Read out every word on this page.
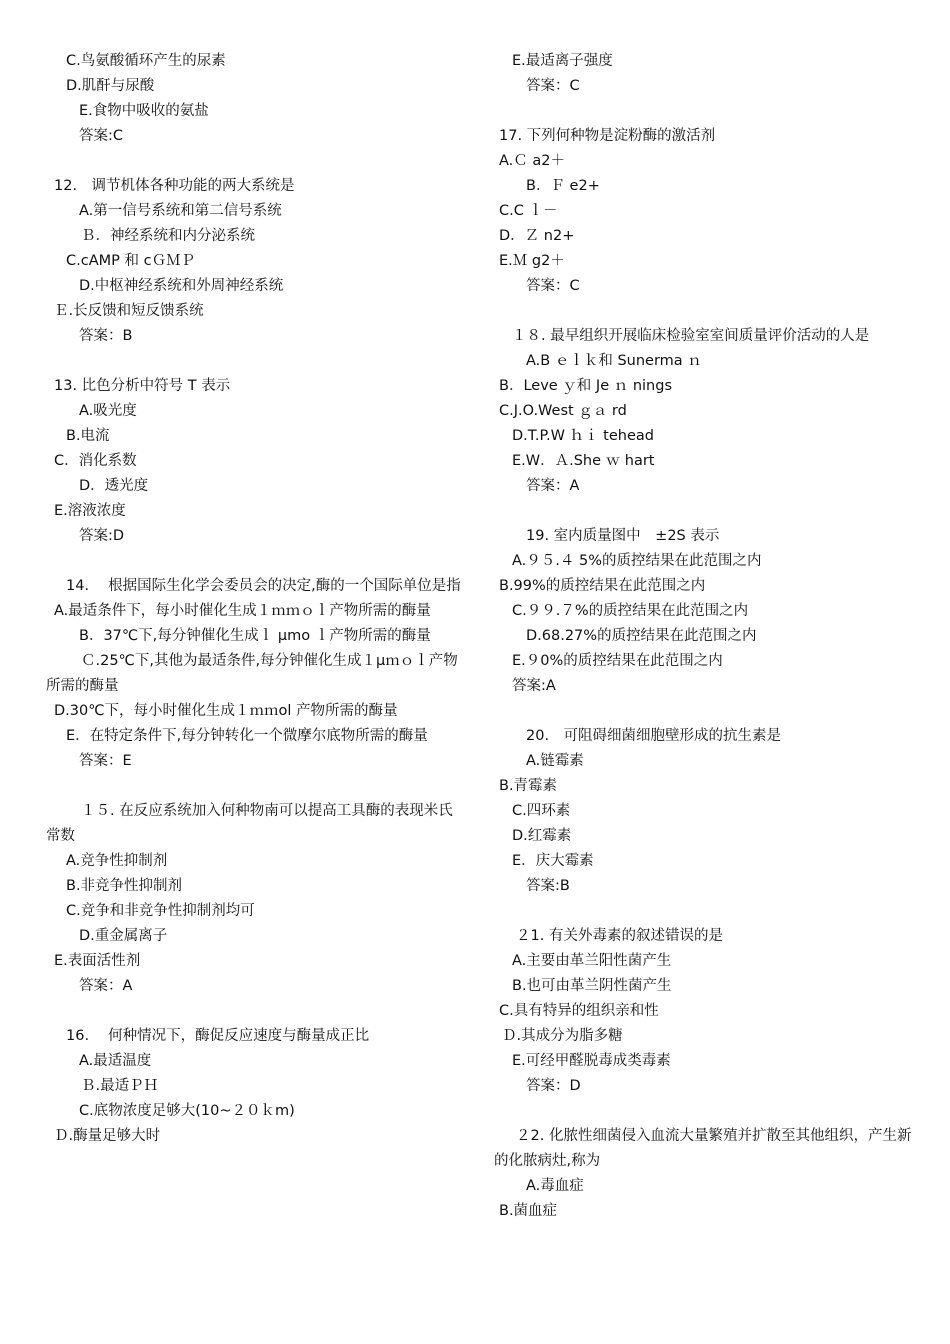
C.鸟氨酸循环产生的尿素
D.肌酐与尿酸
E.食物中吸收的氨盐
答案:C
12.　调节机体各种功能的两大系统是
A.第一信号系统和第二信号系统
Ｂ．神经系统和内分泌系统
C.cAMP 和 cＧＭＰ
D.中枢神经系统和外周神经系统
Ｅ.长反馈和短反馈系统
答案：B
13. 比色分析中符号 T 表示
A.吸光度
B.电流
C．消化系数
D．透光度
E.溶液浓度
答案:D
14.　 根据国际生化学会委员会的决定,酶的一个国际单位是指
A.最适条件下，每小时催化生成１ｍｍｏｌ产物所需的酶量
B．37℃下,每分钟催化生成ｌ μmo ｌ产物所需的酶量
Ｃ.25℃下,其他为最适条件,每分钟催化生成１μｍｏｌ产物所需的酶量
D.30℃下，每小时催化生成１ｍｍol 产物所需的酶量
E．在特定条件下,每分钟转化一个微摩尔底物所需的酶量
答案：E
１５. 在反应系统加入何种物南可以提高工具酶的表现米氏常数
A.竞争性抑制剂
B.非竞争性抑制剂
C.竞争和非竞争性抑制剂均可
D.重金属离子
E.表面活性剂
答案：A
16.　 何种情况下，酶促反应速度与酶量成正比
A.最适温度
Ｂ.最适ＰＨ
C.底物浓度足够大(10~２０ｋm)
Ｄ.酶量足够大时
E.最适离子强度
答案：C
17. 下列何种物是淀粉酶的激活剂
A.Ｃ a2＋
B．Ｆ e2+
C.C ｌ－
D．Ｚ n2+
E.Ｍ g2＋
答案：C
１８. 最早组织开展临床检验室室间质量评价活动的人是
A.B ｅｌｋ和 Sunerma ｎ
B．Leve ｙ和 Je ｎ nings
C.J.O.West ｇａ rd
D.T.P.W ｈｉ tehead
E.W．Ａ.She ｗ hart
答案：A
19. 室内质量图中　±2S 表示
A.９５.４ 5%的质控结果在此范围之内
B.99%的质控结果在此范围之内
C.９９.７%的质控结果在此范围之内
D.68.27%的质控结果在此范围之内
E.９0%的质控结果在此范围之内
答案:A
20.　可阻碍细菌细胞壁形成的抗生素是
A.链霉素
B.青霉素
C.四环素
D.红霉素
E．庆大霉素
答案:B
２1. 有关外毒素的叙述错误的是
A.主要由革兰阳性菌产生
B.也可由革兰阴性菌产生
C.具有特异的组织亲和性
Ｄ.其成分为脂多糖
E.可经甲醛脱毒成类毒素
答案：D
２2. 化脓性细菌侵入血流大量繁殖并扩散至其他组织，产生新的化脓病灶,称为
A.毒血症
B.菌血症
